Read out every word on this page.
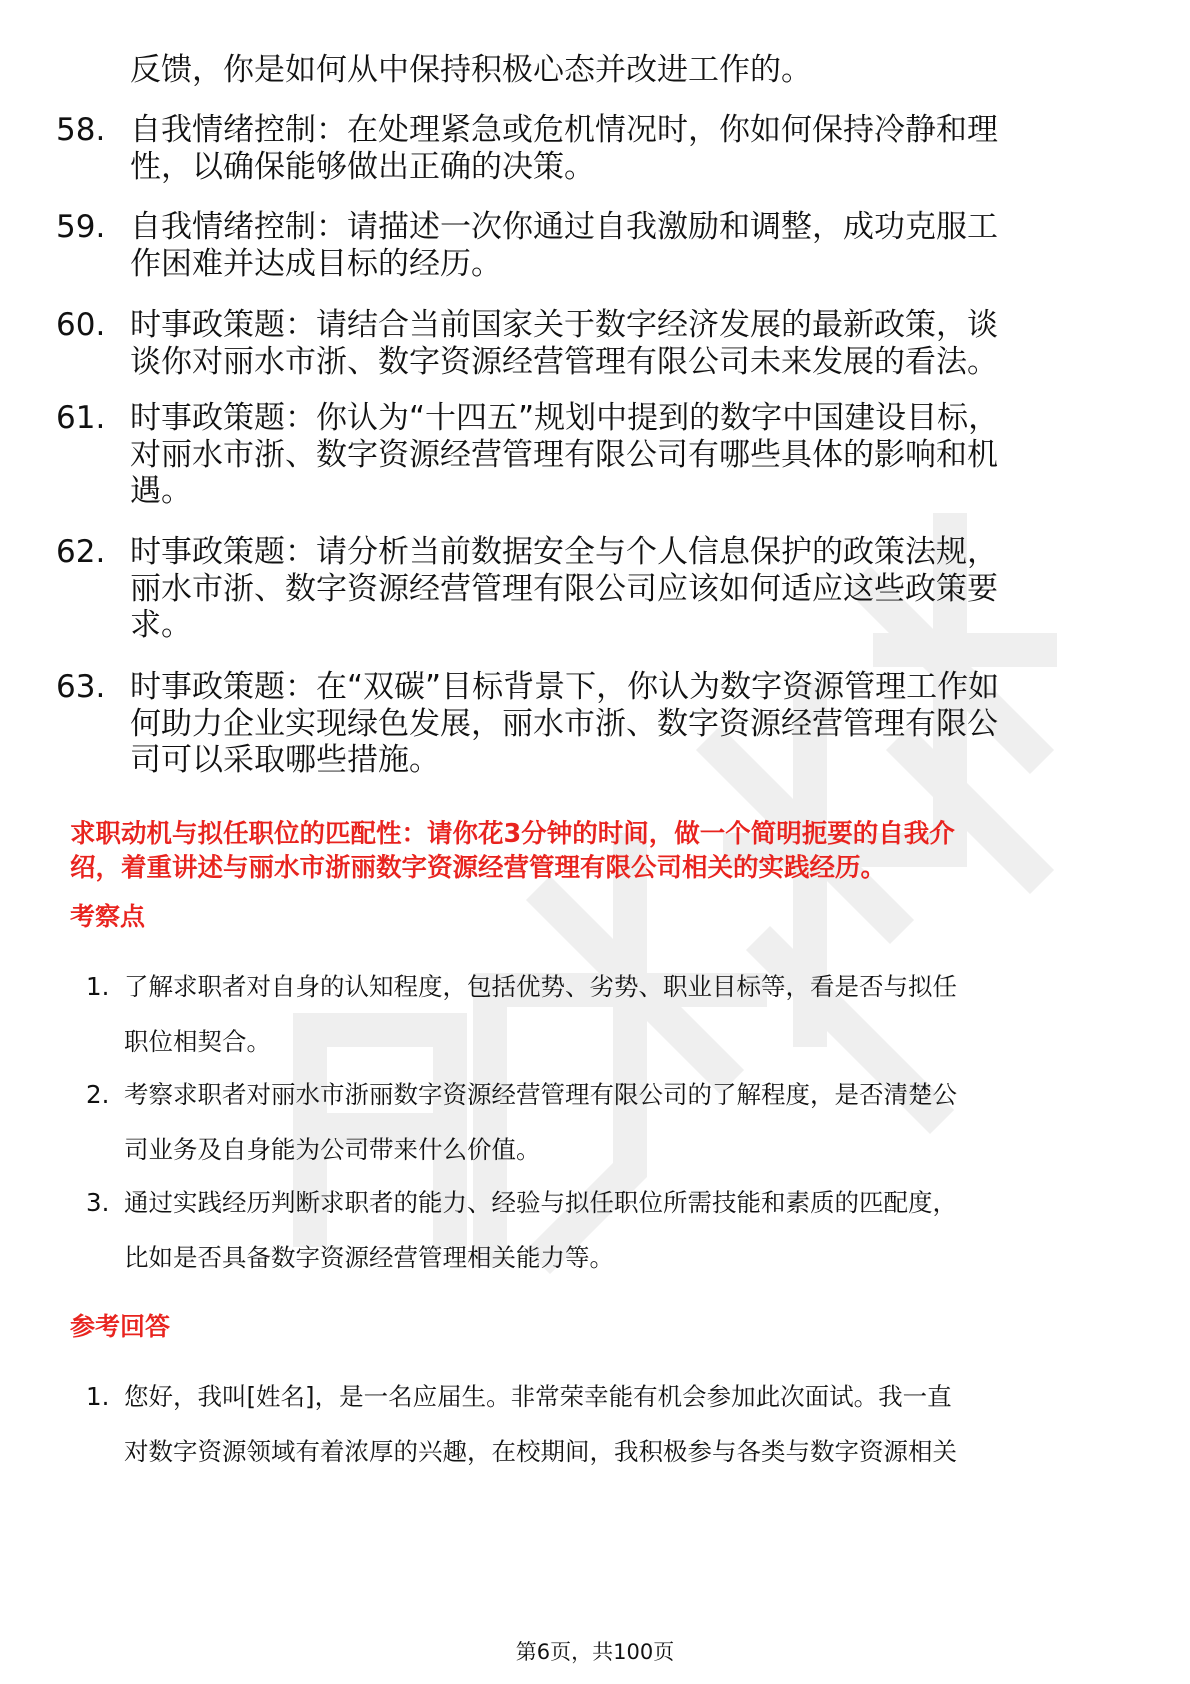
反馈，你是如何从中保持积极心态并改进工作的。
58. 自我情绪控制：在处理紧急或危机情况时，你如何保持冷静和理
性，以确保能够做出正确的决策。
59. 自我情绪控制：请描述一次你通过自我激励和调整，成功克服工
作困难并达成目标的经历。
60. 时事政策题：请结合当前国家关于数字经济发展的最新政策，谈
谈你对丽水市浙、数字资源经营管理有限公司未来发展的看法。
61. 时事政策题：你认为“十四五”规划中提到的数字中国建设目标，
对丽水市浙、数字资源经营管理有限公司有哪些具体的影响和机
遇。
62. 时事政策题：请分析当前数据安全与个人信息保护的政策法规，
丽水市浙、数字资源经营管理有限公司应该如何适应这些政策要
求。
63. 时事政策题：在“双碳”目标背景下，你认为数字资源管理工作如
何助力企业实现绿色发展，丽水市浙、数字资源经营管理有限公
司可以采取哪些措施。
求职动机与拟任职位的匹配性：请你花3分钟的时间，做一个简明扼要的自我介
绍，着重讲述与丽水市浙丽数字资源经营管理有限公司相关的实践经历。
考察点
1. 了解求职者对自身的认知程度，包括优势、劣势、职业目标等，看是否与拟任
职位相契合。
2. 考察求职者对丽水市浙丽数字资源经营管理有限公司的了解程度，是否清楚公
司业务及自身能为公司带来什么价值。
3. 通过实践经历判断求职者的能力、经验与拟任职位所需技能和素质的匹配度，
比如是否具备数字资源经营管理相关能力等。
参考回答
1. 您好，我叫[姓名]，是一名应届生。非常荣幸能有机会参加此次面试。我一直
对数字资源领域有着浓厚的兴趣，在校期间，我积极参与各类与数字资源相关
第6页，共100页
